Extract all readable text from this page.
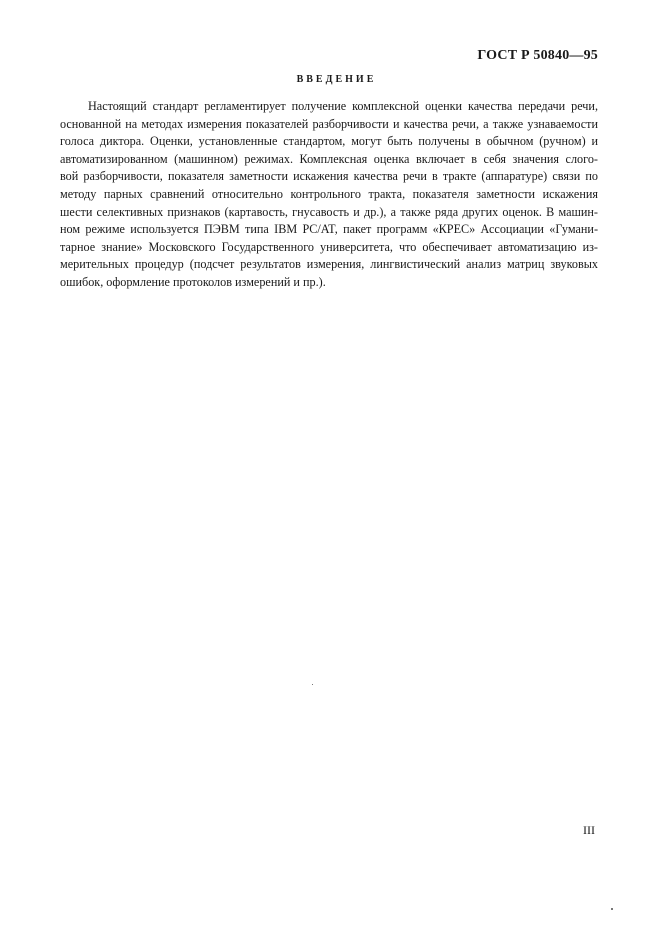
ГОСТ Р 50840—95
ВВЕДЕНИЕ
Настоящий стандарт регламентирует получение комплексной оценки качества передачи речи,
основанной на методах измерения показателей разборчивости и качества речи, а также узнаваемости
голоса диктора. Оценки, установленные стандартом, могут быть получены в обычном (ручном) и
автоматизированном (машинном) режимах. Комплексная оценка включает в себя значения слого-
вой разборчивости, показателя заметности искажения качества речи в тракте (аппаратуре) связи по
методу парных сравнений относительно контрольного тракта, показателя заметности искажения
шести селективных признаков (картавость, гнусавость и др.), а также ряда других оценок. В машин-
ном режиме используется ПЭВМ типа IBM PC/AT, пакет программ «КРЕС» Ассоциации «Гумани-
тарное знание» Московского Государственного университета, что обеспечивает автоматизацию из-
мерительных процедур (подсчет результатов измерения, лингвистический анализ матриц звуковых
ошибок, оформление протоколов измерений и пр.).
III
